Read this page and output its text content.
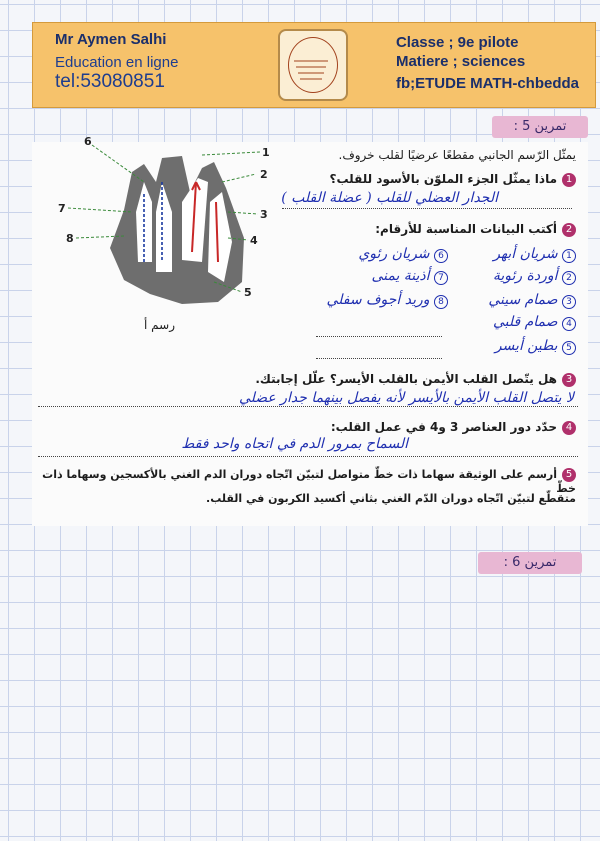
Mr Aymen Salhi
Education en ligne
tel:53080851
Classe ; 9e pilote
Matiere ; sciences
fb;ETUDE MATH-chbedda
: تمرين 5
1
2
3
4
5
6
7
8
رسم أ
يمثّل الرّسم الجانبي مقطعًا عرضيًا لقلب خروف.
1ماذا يمثّل الجزء الملوّن بالأسود للقلب؟
الجدار العضلي للقلب ( عضلة القلب )
2أكتب البيانات المناسبة للأرقام:
1 شريان أبهر
2 أوردة رئوية
3 صمام سيني
4 صمام قلبي
5 بطين أيسر
6 شريان رئوي
7 أذينة يمنى
8 وريد أجوف سفلي
3هل يتّصل القلب الأيمن بالقلب الأيسر؟ علّل إجابتك.
لا يتصل القلب الأيمن بالأيسر لأنه يفصل بينهما جدار عضلي
4حدّد دور العناصر 3 و4 في عمل القلب:
السماح بمرور الدم في اتجاه واحد فقط
5أرسم على الوثيقة سهاما ذات خطّ متواصل لتبيّن اتّجاه دوران الدم الغني بالأكسجين وسهاما ذات خطّ
متقطّع لتبيّن اتّجاه دوران الدّم الغني بثاني أكسيد الكربون في القلب.
: تمرين 6
